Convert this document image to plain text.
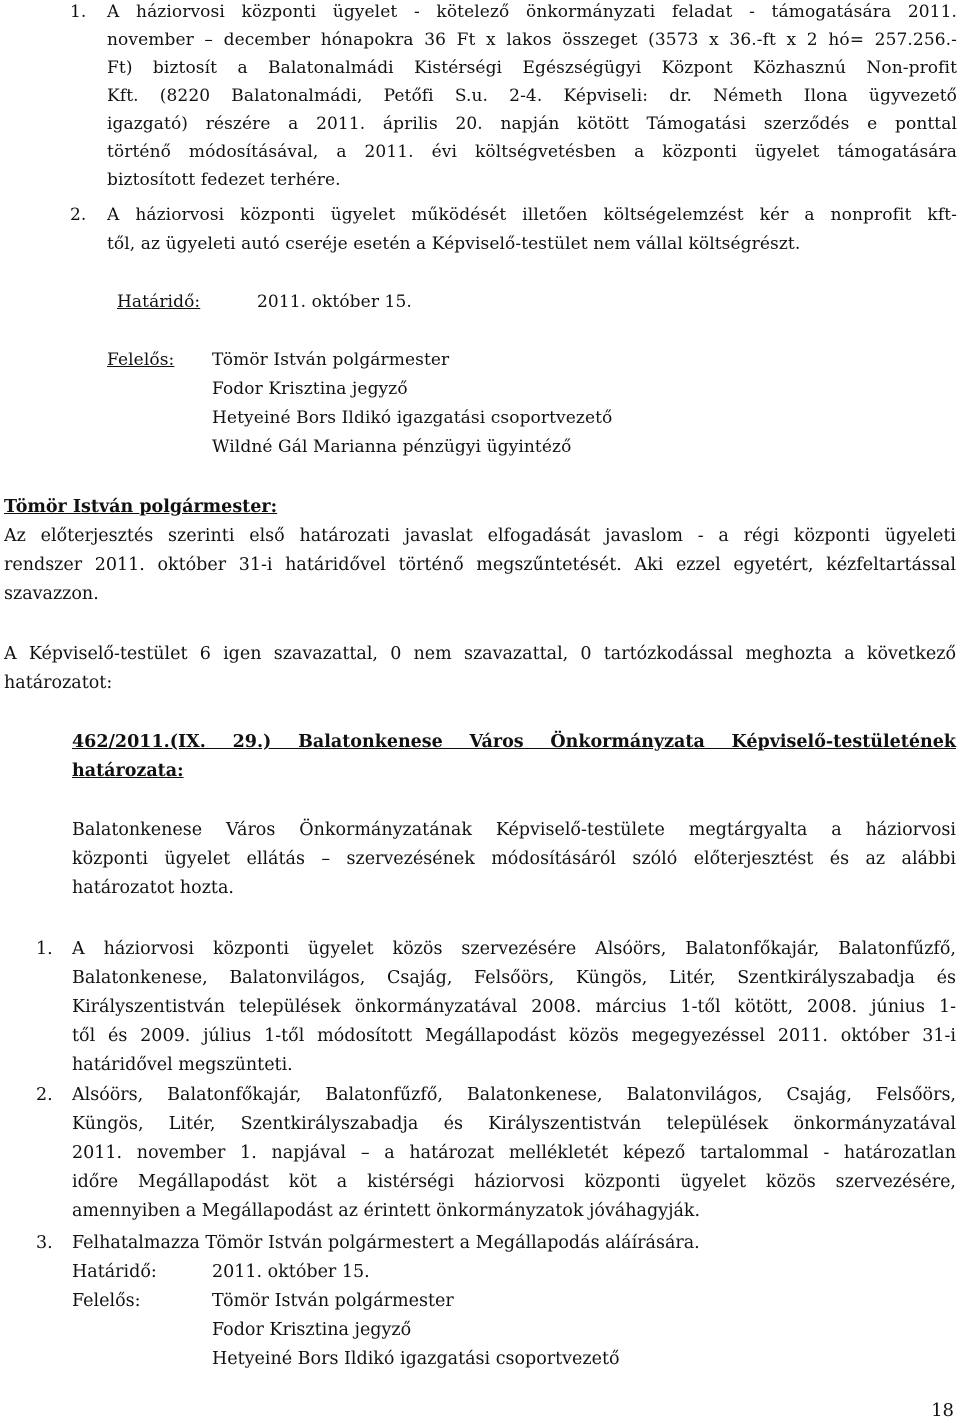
1. A háziorvosi központi ügyelet - kötelező önkormányzati feladat - támogatására 2011.
november – december hónapokra 36 Ft x lakos összeget (3573 x 36.-ft x 2 hó= 257.256.-
Ft) biztosít a Balatonalmádi Kistérségi Egészségügyi Központ Közhasznú Non-profit
Kft. (8220 Balatonalmádi, Petőfi S.u. 2-4. Képviseli: dr. Németh Ilona ügyvezető
igazgató) részére a 2011. április 20. napján kötött Támogatási szerződés e ponttal
történő módosításával, a 2011. évi költségvetésben a központi ügyelet támogatására
biztosított fedezet terhére.
2. A háziorvosi központi ügyelet működését illetően költségelemzést kér a nonprofit kft-
től, az ügyeleti autó cseréje esetén a Képviselő-testület nem vállal költségrészt.
Határidő:	2011. október 15.
Felelős: Tömör István polgármester
Fodor Krisztina jegyző
Hetyeiné Bors Ildikó igazgatási csoportvezető
Wildné Gál Marianna pénzügyi ügyintéző
Tömör István polgármester:
Az előterjesztés szerinti első határozati javaslat elfogadását javaslom - a régi központi ügyeleti
rendszer 2011. október 31-i határidővel történő megszűntetését. Aki ezzel egyetért, kézfeltartással
szavazzon.
A Képviselő-testület 6 igen szavazattal, 0 nem szavazattal, 0 tartózkodással meghozta a következő
határozatot:
462/2011.(IX. 29.) Balatonkenese Város Önkormányzata Képviselő-testületének
határozata:
Balatonkenese Város Önkormányzatának Képviselő-testülete megtárgyalta a háziorvosi
központi ügyelet ellátás – szervezésének módosításáról szóló előterjesztést és az alábbi
határozatot hozta.
1. A háziorvosi központi ügyelet közös szervezésére Alsóörs, Balatonfőkajár, Balatonfűzfő,
Balatonkenese, Balatonvilágos, Csajág, Felsőörs, Küngös, Litér, Szentkirályszabadja és
Királyszentistván települések önkormányzatával 2008. március 1-től kötött, 2008. június 1-
től és 2009. július 1-től módosított Megállapodást közös megegyezéssel 2011. október 31-i
határidővel megszünteti.
2. Alsóörs, Balatonfőkajár, Balatonfűzfő, Balatonkenese, Balatonvilágos, Csajág, Felsőörs,
Küngös, Litér, Szentkirályszabadja és Királyszentistván települések önkormányzatával
2011. november 1. napjával – a határozat mellékletét képező tartalommal - határozatlan
időre Megállapodást köt a kistérségi háziorvosi központi ügyelet közös szervezésére,
amennyiben a Megállapodást az érintett önkormányzatok jóváhagyják.
3. Felhatalmazza Tömör István polgármestert a Megállapodás aláírására.
Határidő:	2011. október 15.
Felelős:	Tömör István polgármester
Fodor Krisztina jegyző
Hetyeiné Bors Ildikó igazgatási csoportvezető
18
